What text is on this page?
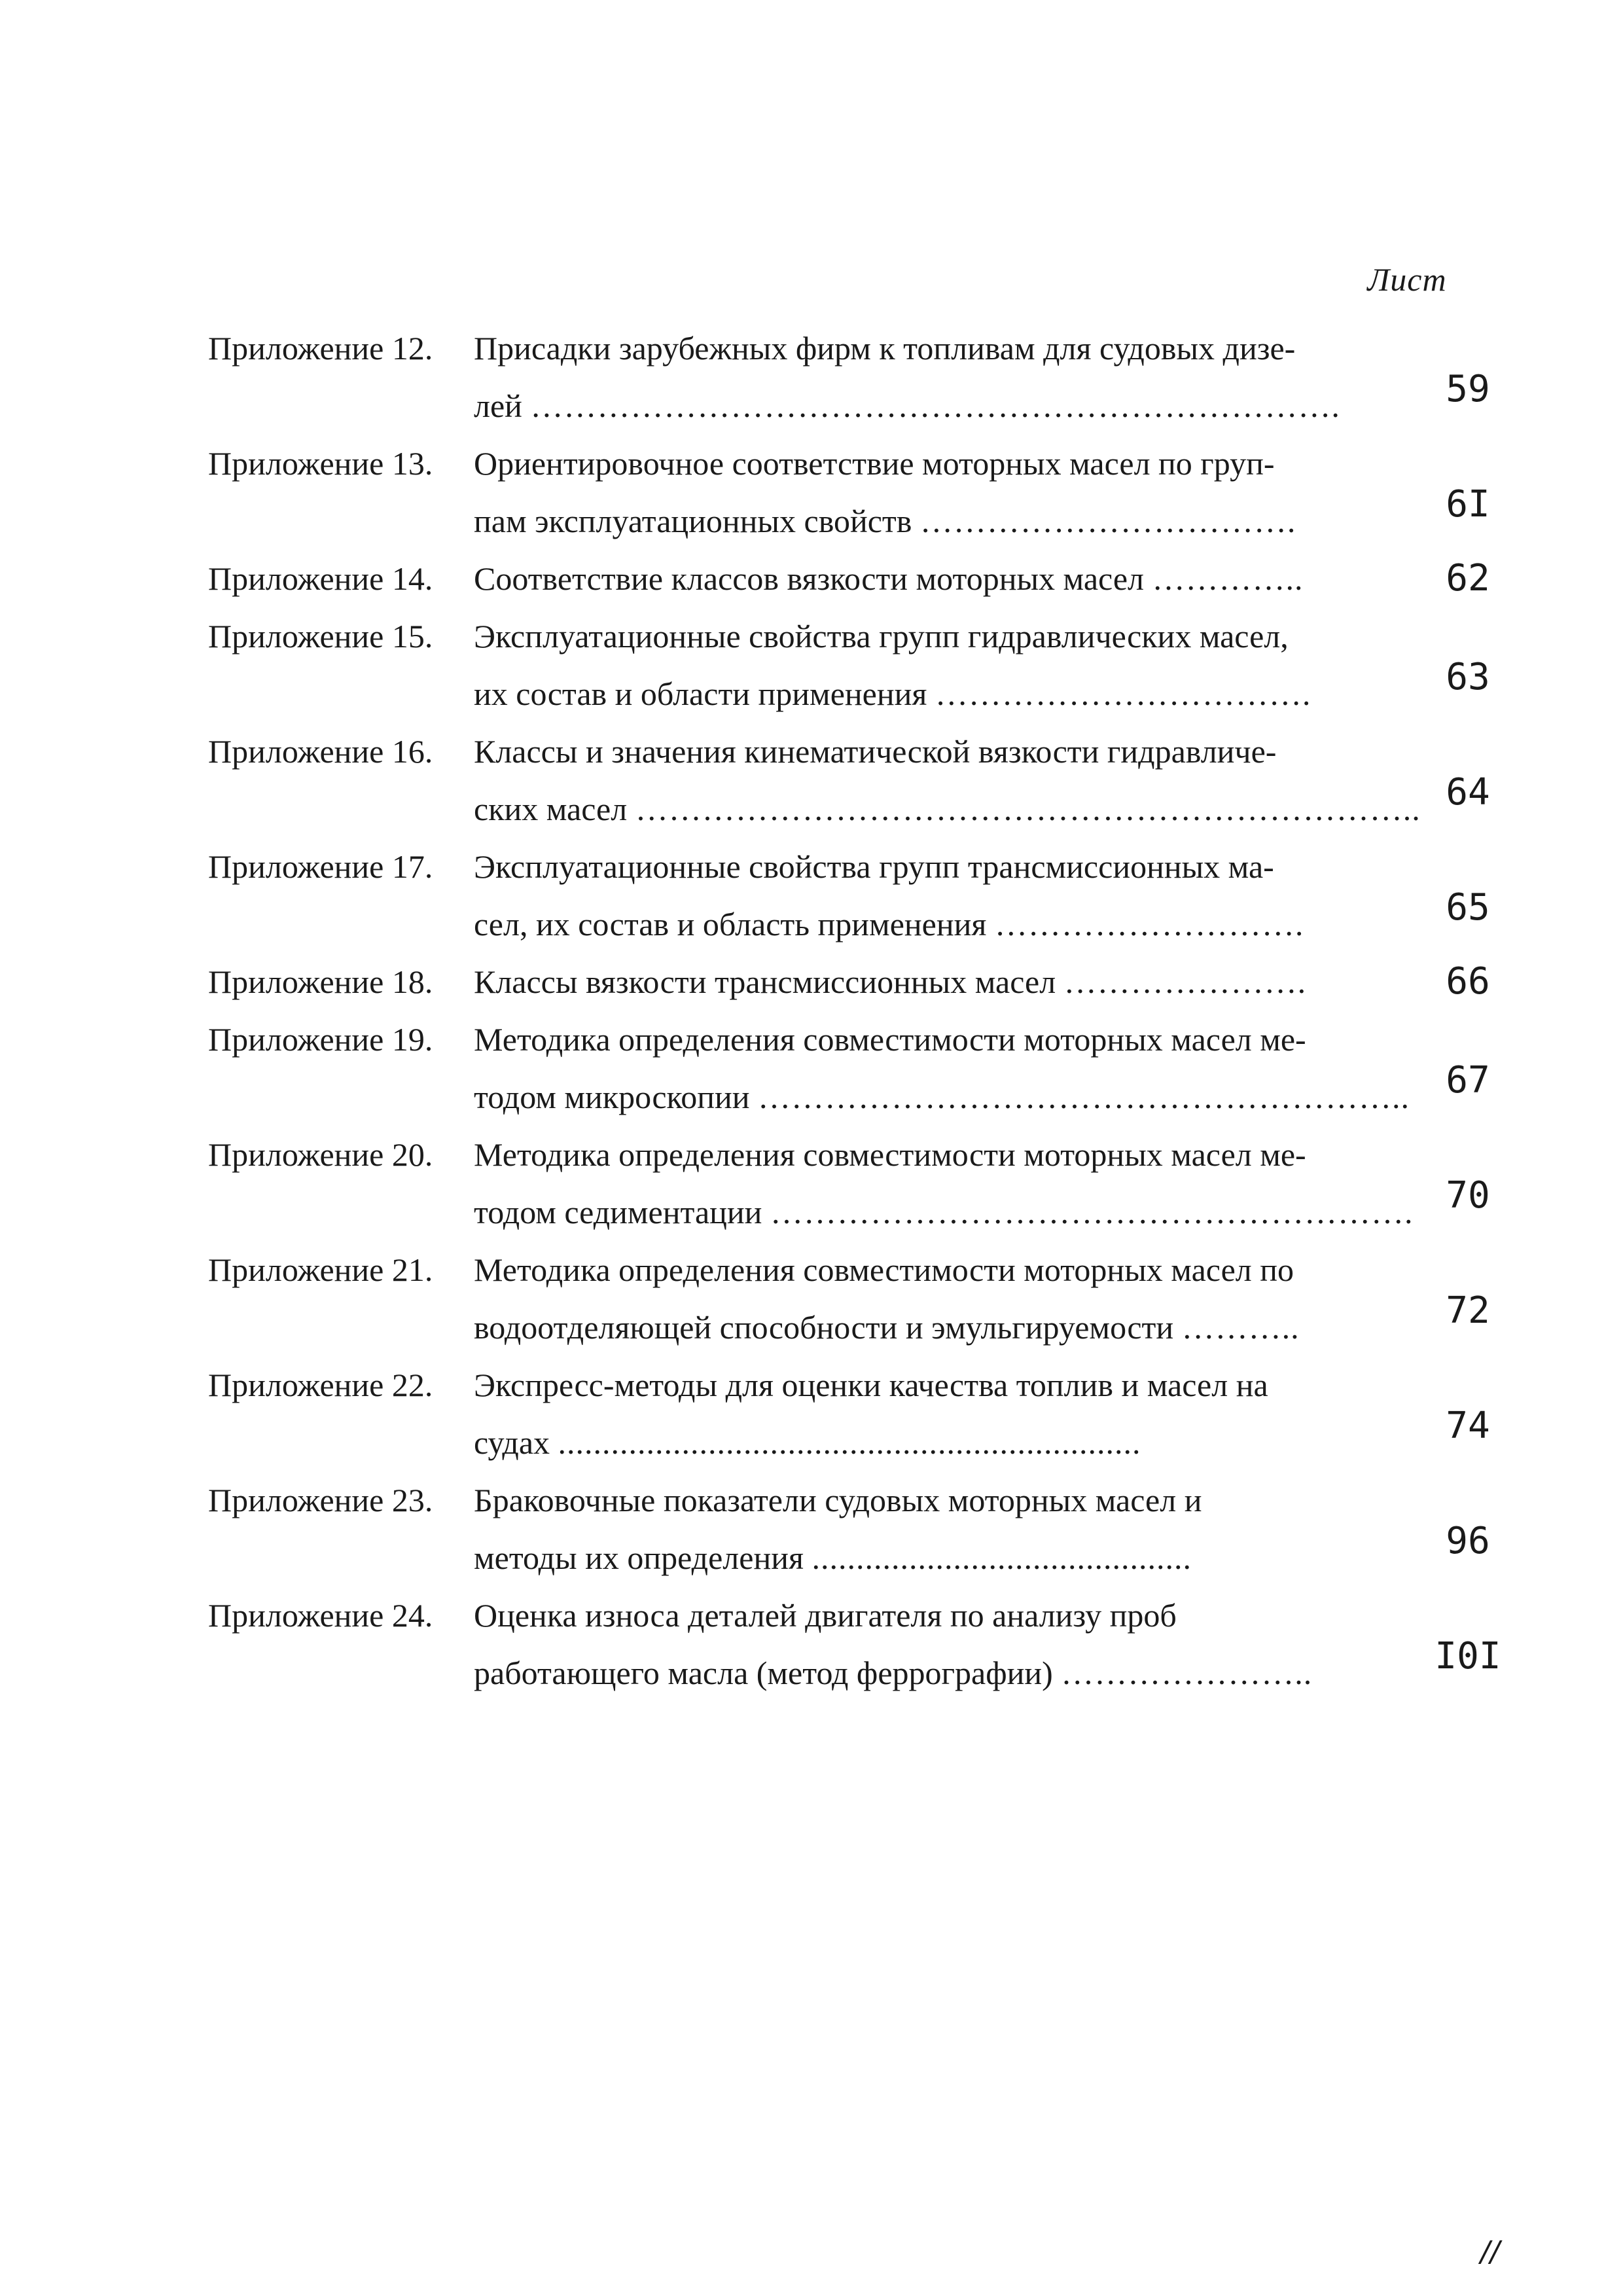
Лист
Приложение 12. Присадки зарубежных фирм к топливам для судовых дизе-
лей ……………………………………………………………….	59
Приложение 13. Ориентировочное соответствие моторных масел по груп-
пам эксплуатационных свойств …………………………….	6I
Приложение 14. Соответствие классов вязкости моторных масел …………..	62
Приложение 15. Эксплуатационные свойства групп гидравлических масел,
их состав и области применения …………………………….	63
Приложение 16. Классы и значения кинематической вязкости гидравличе-
ских масел …………………………………………………………….. 64
Приложение 17. Эксплуатационные свойства групп трансмиссионных ма-
сел, их состав и область применения ……………………….	65
Приложение 18. Классы вязкости трансмиссионных масел ………………….	66
Приложение 19. Методика определения совместимости моторных масел ме-
тодом микроскопии ………………………………………………….. 67
Приложение 20. Методика определения совместимости моторных масел ме-
тодом седиментации …………………………………………………. 70
Приложение 21. Методика определения совместимости моторных масел по
водоотделяющей способности и эмульгируемости ………..	72
Приложение 22. Экспресс-методы для оценки качества топлив и масел на
судах ..................................................................	74
Приложение 23. Браковочные показатели судовых моторных масел и
методы их определения ...........................................	96
Приложение 24. Оценка износа деталей двигателя по анализу проб
работающего масла (метод феррографии) …………………..	I0I
//
